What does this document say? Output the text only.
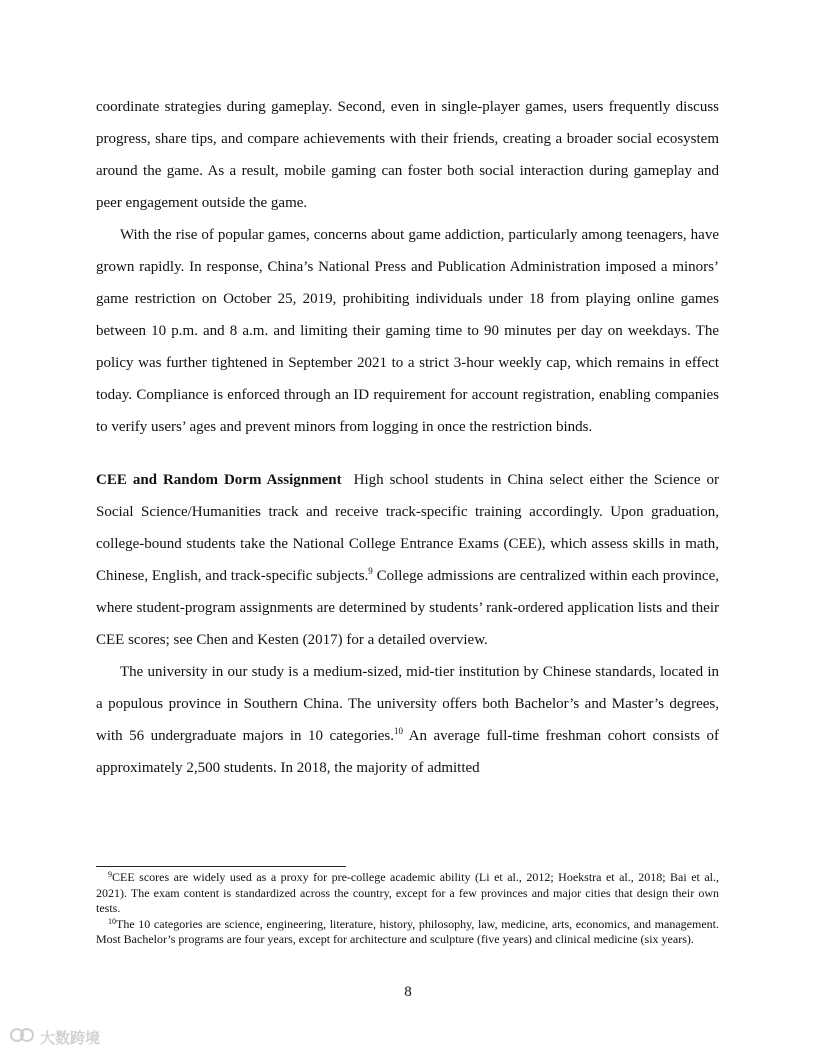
coordinate strategies during gameplay. Second, even in single-player games, users frequently discuss progress, share tips, and compare achievements with their friends, creating a broader social ecosystem around the game. As a result, mobile gaming can foster both social interaction during gameplay and peer engagement outside the game.

With the rise of popular games, concerns about game addiction, particularly among teenagers, have grown rapidly. In response, China’s National Press and Publication Administration imposed a minors’ game restriction on October 25, 2019, prohibiting individuals under 18 from playing online games between 10 p.m. and 8 a.m. and limiting their gaming time to 90 minutes per day on weekdays. The policy was further tightened in September 2021 to a strict 3-hour weekly cap, which remains in effect today. Compliance is enforced through an ID requirement for account registration, enabling companies to verify users’ ages and prevent minors from logging in once the restriction binds.

CEE and Random Dorm Assignment High school students in China select either the Science or Social Science/Humanities track and receive track-specific training accordingly. Upon graduation, college-bound students take the National College Entrance Exams (CEE), which assess skills in math, Chinese, English, and track-specific subjects.$^9$ College admissions are centralized within each province, where student-program assignments are determined by students’ rank-ordered application lists and their CEE scores; see Chen and Kesten (2017) for a detailed overview.

The university in our study is a medium-sized, mid-tier institution by Chinese standards, located in a populous province in Southern China. The university offers both Bachelor’s and Master’s degrees, with 56 undergraduate majors in 10 categories.$^{10}$ An average full-time freshman cohort consists of approximately 2,500 students. In 2018, the majority of admitted

$^9$CEE scores are widely used as a proxy for pre-college academic ability (Li et al., 2012; Hoekstra et al., 2018; Bai et al., 2021). The exam content is standardized across the country, except for a few provinces and major cities that design their own tests.

$^{10}$The 10 categories are science, engineering, literature, history, philosophy, law, medicine, arts, economics, and management. Most Bachelor’s programs are four years, except for architecture and sculpture (five years) and clinical medicine (six years).

8
大数跨境
